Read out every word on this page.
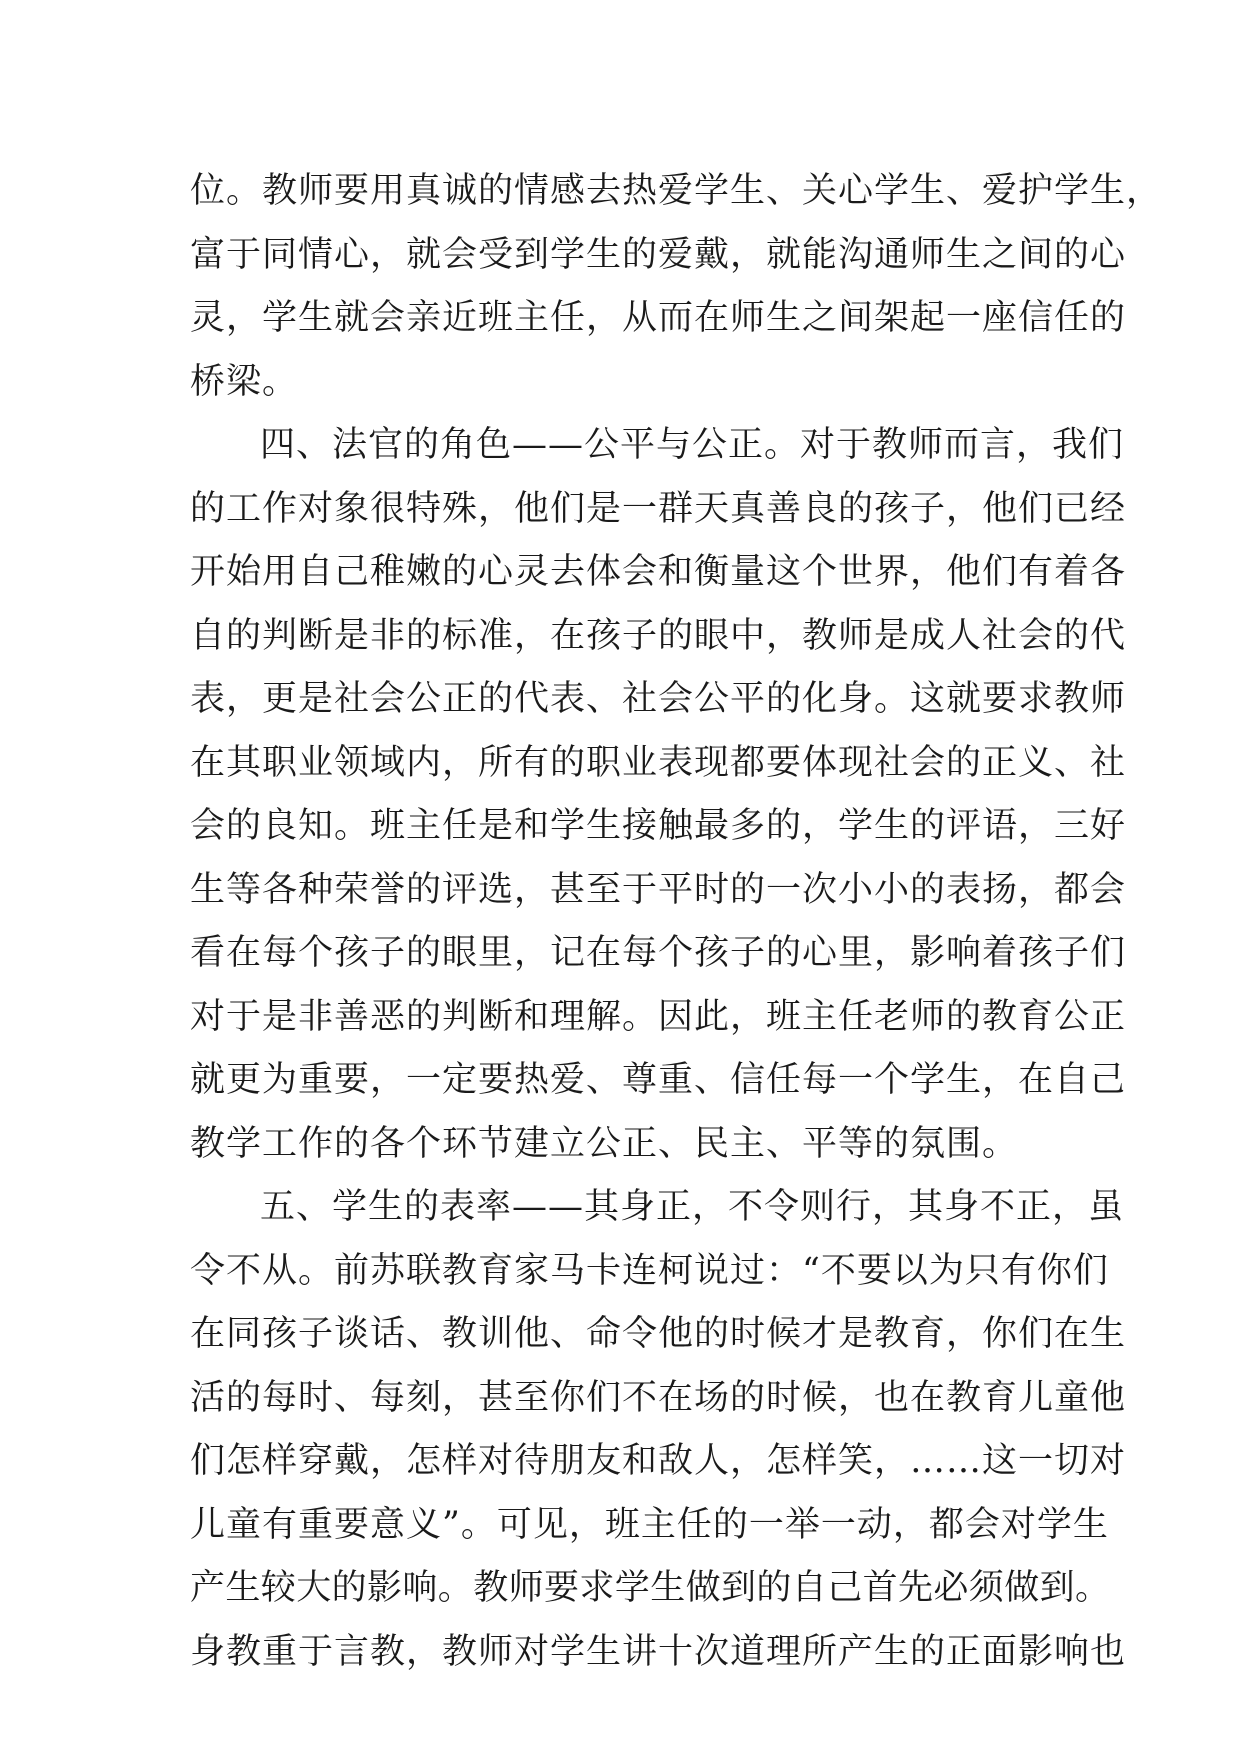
位。教师要用真诚的情感去热爱学生、关心学生、爱护学生，
富于同情心，就会受到学生的爱戴，就能沟通师生之间的心
灵，学生就会亲近班主任，从而在师生之间架起一座信任的
桥梁。
四、法官的角色——公平与公正。对于教师而言，我们
的工作对象很特殊，他们是一群天真善良的孩子，他们已经
开始用自己稚嫩的心灵去体会和衡量这个世界，他们有着各
自的判断是非的标准，在孩子的眼中，教师是成人社会的代
表，更是社会公正的代表、社会公平的化身。这就要求教师
在其职业领域内，所有的职业表现都要体现社会的正义、社
会的良知。班主任是和学生接触最多的，学生的评语，三好
生等各种荣誉的评选，甚至于平时的一次小小的表扬，都会
看在每个孩子的眼里，记在每个孩子的心里，影响着孩子们
对于是非善恶的判断和理解。因此，班主任老师的教育公正
就更为重要，一定要热爱、尊重、信任每一个学生，在自己
教学工作的各个环节建立公正、民主、平等的氛围。
五、学生的表率——其身正，不令则行，其身不正，虽
令不从。前苏联教育家马卡连柯说过：“不要以为只有你们
在同孩子谈话、教训他、命令他的时候才是教育，你们在生
活的每时、每刻，甚至你们不在场的时候，也在教育儿童他
们怎样穿戴，怎样对待朋友和敌人，怎样笑，……这一切对
儿童有重要意义”。可见，班主任的一举一动，都会对学生
产生较大的影响。教师要求学生做到的自己首先必须做到。
身教重于言教，教师对学生讲十次道理所产生的正面影响也
